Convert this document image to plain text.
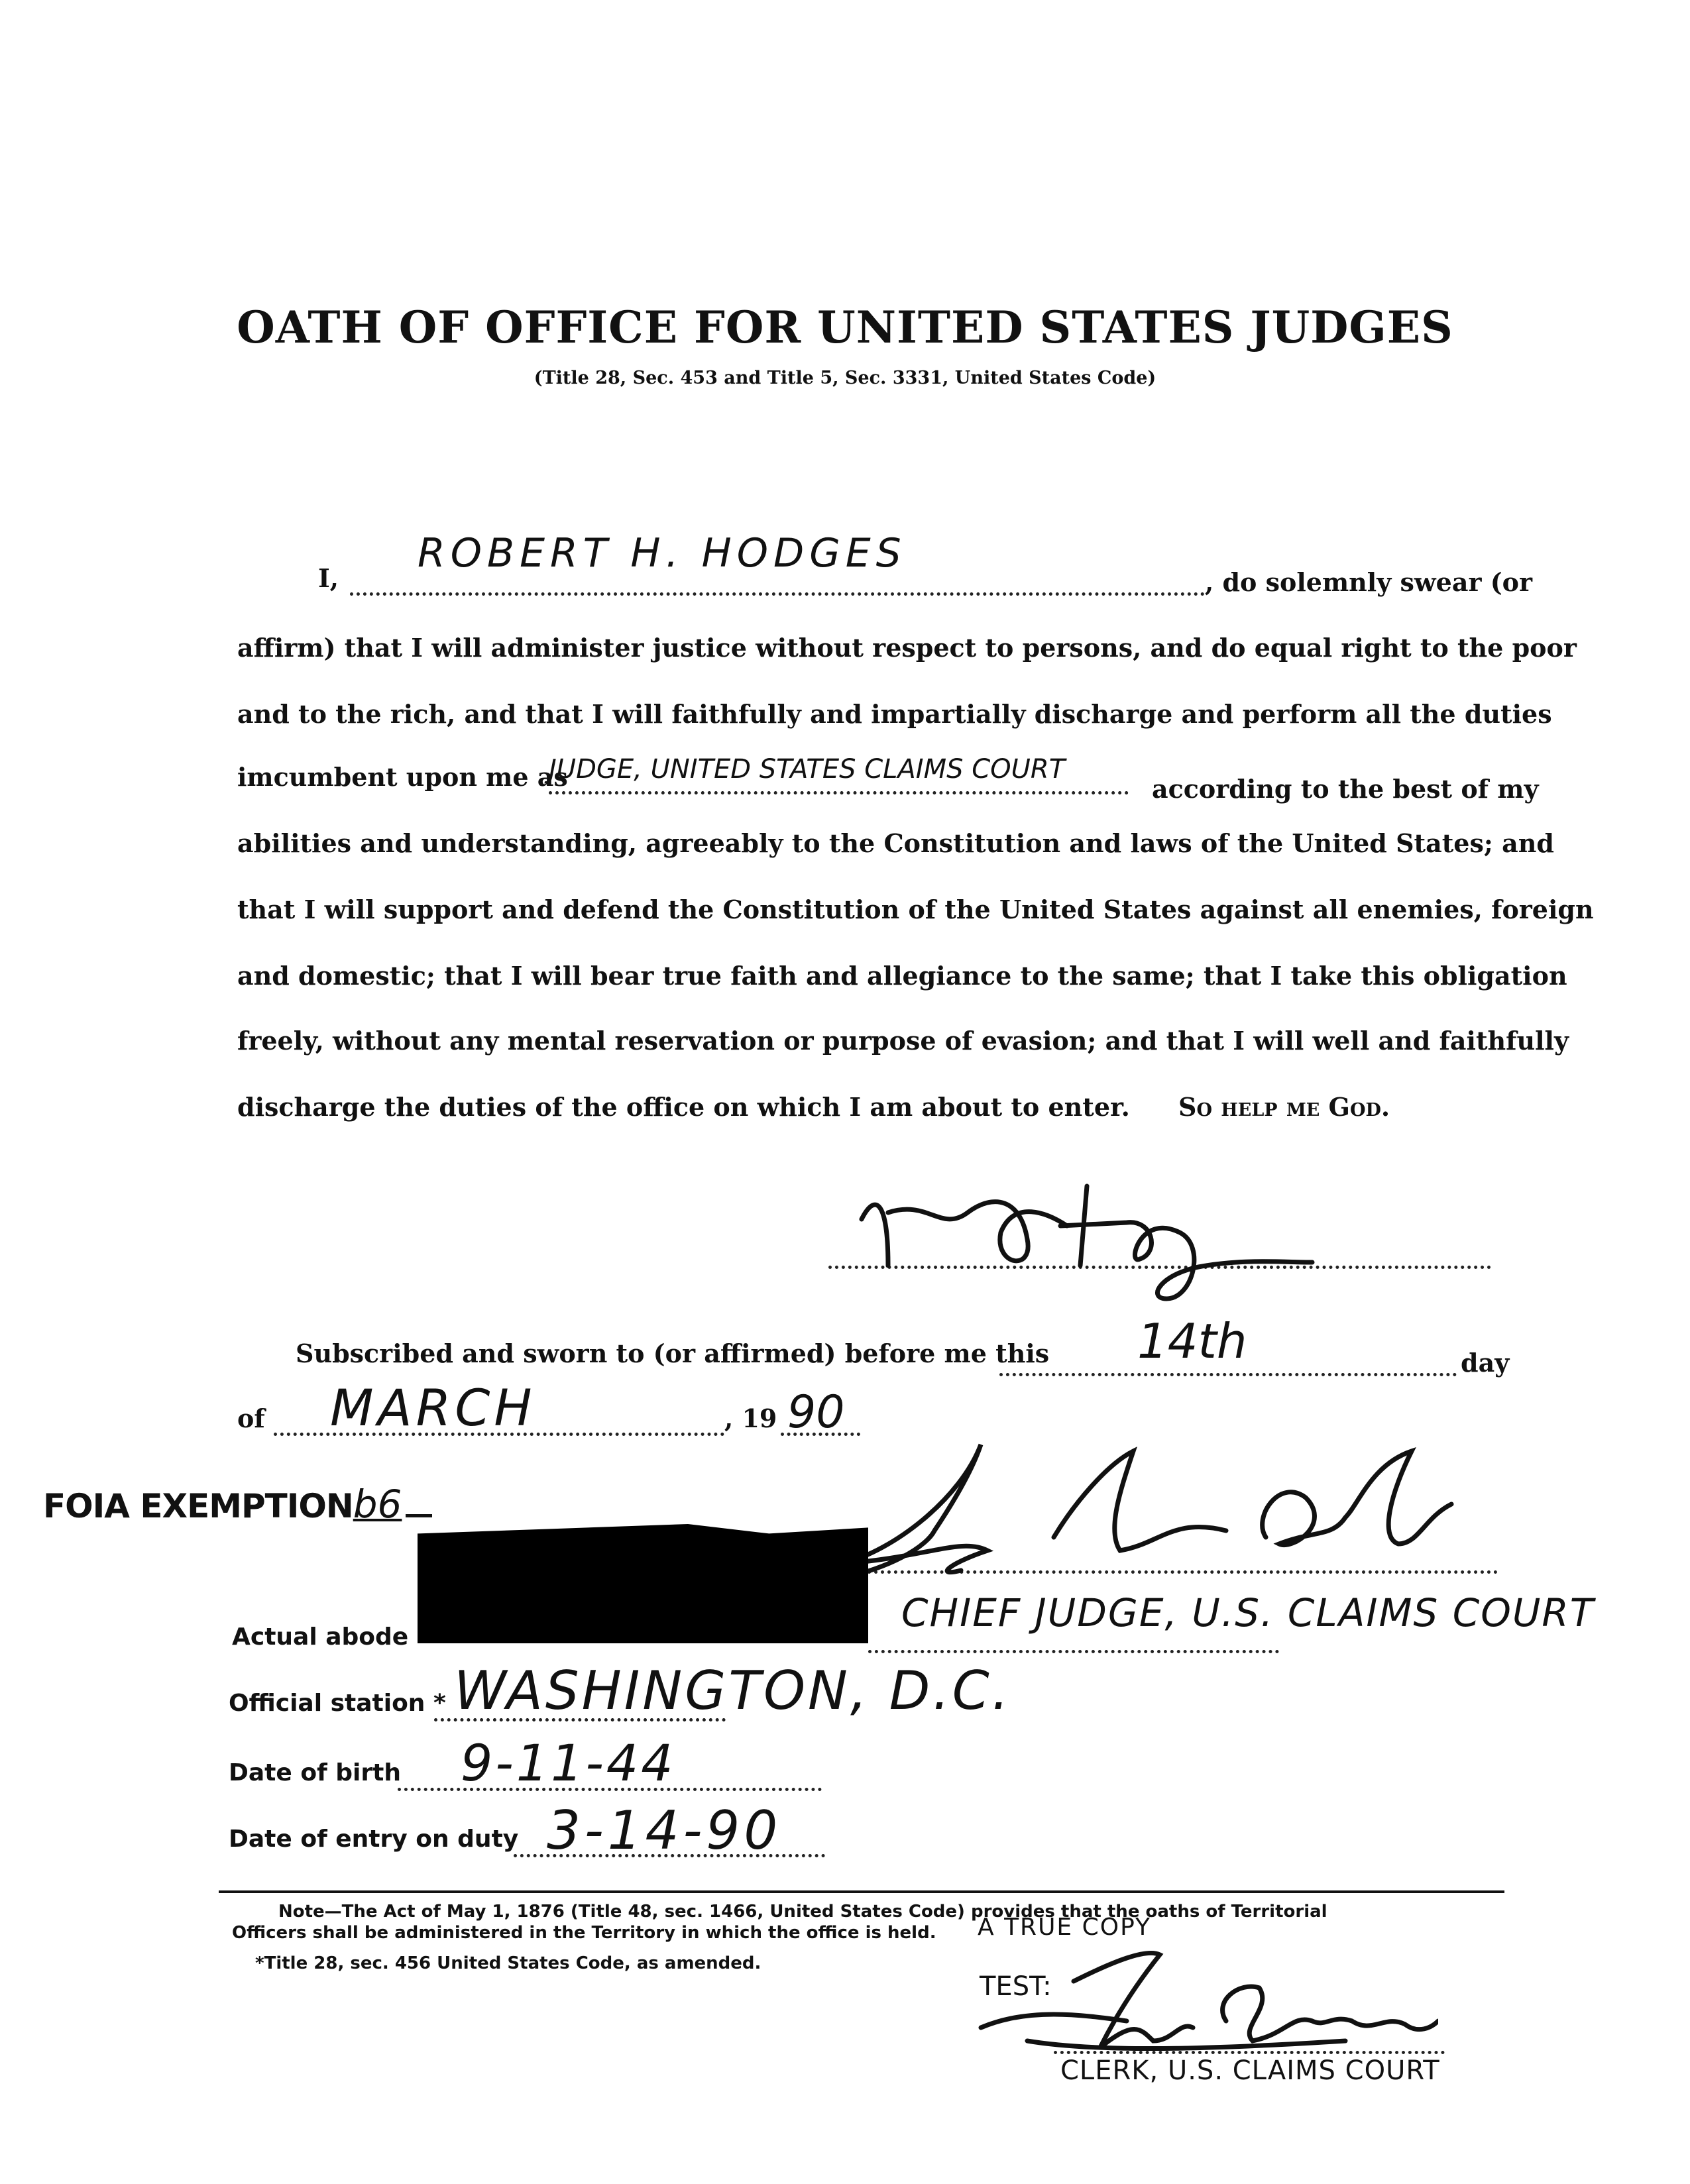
OATH OF OFFICE FOR UNITED STATES JUDGES
(Title 28, Sec. 453 and Title 5, Sec. 3331, United States Code)
I,
ROBERT H. HODGES
, do solemnly swear (or
affirm) that I will administer justice without respect to persons, and do equal right to the poor
and to the rich, and that I will faithfully and impartially discharge and perform all the duties
imcumbent upon me as
JUDGE, UNITED STATES CLAIMS COURT
according to the best of my
abilities and understanding, agreeably to the Constitution and laws of the United States; and
that I will support and defend the Constitution of the United States against all enemies, foreign
and domestic; that I will bear true faith and allegiance to the same; that I take this obligation
freely, without any mental reservation or purpose of evasion; and that I will well and faithfully
discharge the duties of the office on which I am about to enter. So help me God.
Subscribed and sworn to (or affirmed) before me this 14th	day
of MARCH	, 19 90
FOIA EXEMPTIONb6
CHIEF JUDGE, U.S. CLAIMS COURT
Actual abode
Official station * WASHINGTON, D.C.
Date of birth 9-11-44
Date of entry on duty 3-14-90
Note—The Act of May 1, 1876 (Title 48, sec. 1466, United States Code) provides that the oaths of Territorial
Officers shall be administered in the Territory in which the office is held.
*Title 28, sec. 456 United States Code, as amended.
A TRUE COPY
TEST:
CLERK, U.S. CLAIMS COURT
